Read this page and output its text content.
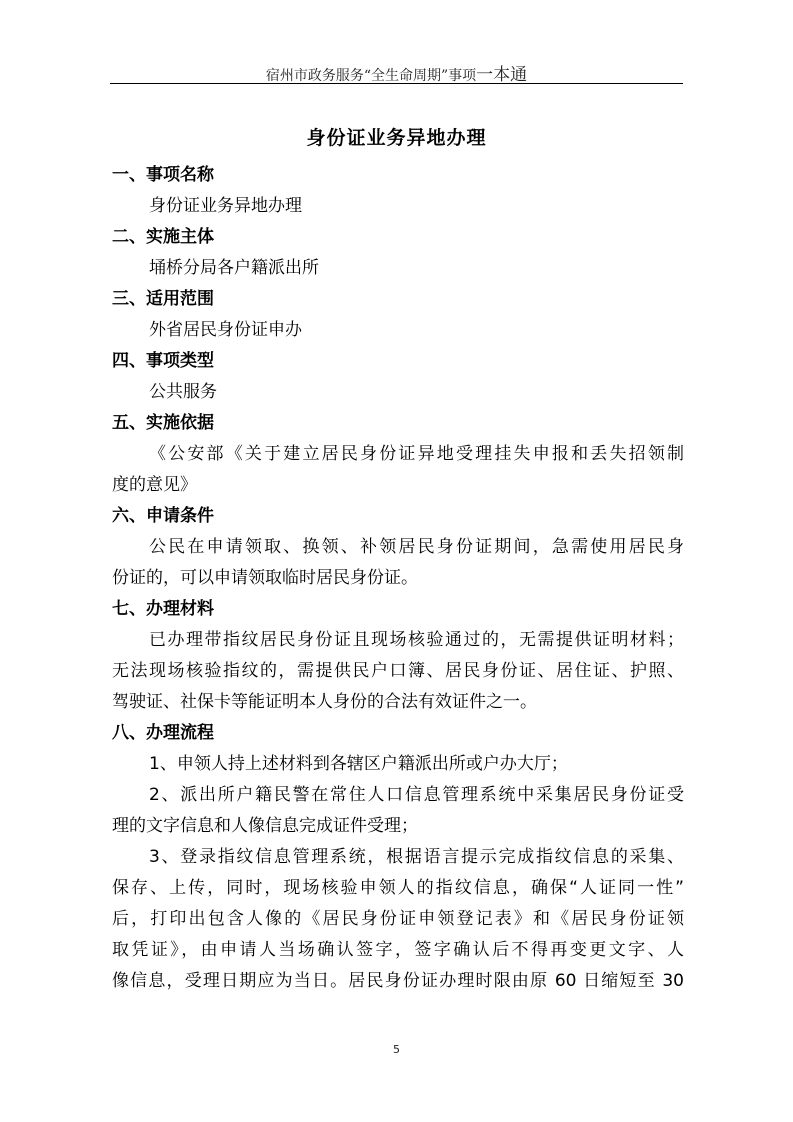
宿州市政务服务“全生命周期”事项一本通
身份证业务异地办理
一、事项名称
身份证业务异地办理
二、实施主体
埇桥分局各户籍派出所
三、适用范围
外省居民身份证申办
四、事项类型
公共服务
五、实施依据
《公安部《关于建立居民身份证异地受理挂失申报和丢失招领制
度的意见》
六、申请条件
公民在申请领取、换领、补领居民身份证期间，急需使用居民身
份证的，可以申请领取临时居民身份证。
七、办理材料
已办理带指纹居民身份证且现场核验通过的，无需提供证明材料；
无法现场核验指纹的，需提供民户口簿、居民身份证、居住证、护照、
驾驶证、社保卡等能证明本人身份的合法有效证件之一。
八、办理流程
1、申领人持上述材料到各辖区户籍派出所或户办大厅；
2、派出所户籍民警在常住人口信息管理系统中采集居民身份证受
理的文字信息和人像信息完成证件受理；
3、登录指纹信息管理系统，根据语言提示完成指纹信息的采集、
保存、上传，同时，现场核验申领人的指纹信息，确保“人证同一性”
后，打印出包含人像的《居民身份证申领登记表》和《居民身份证领
取凭证》，由申请人当场确认签字，签字确认后不得再变更文字、人
像信息，受理日期应为当日。居民身份证办理时限由原 60 日缩短至 30
5
